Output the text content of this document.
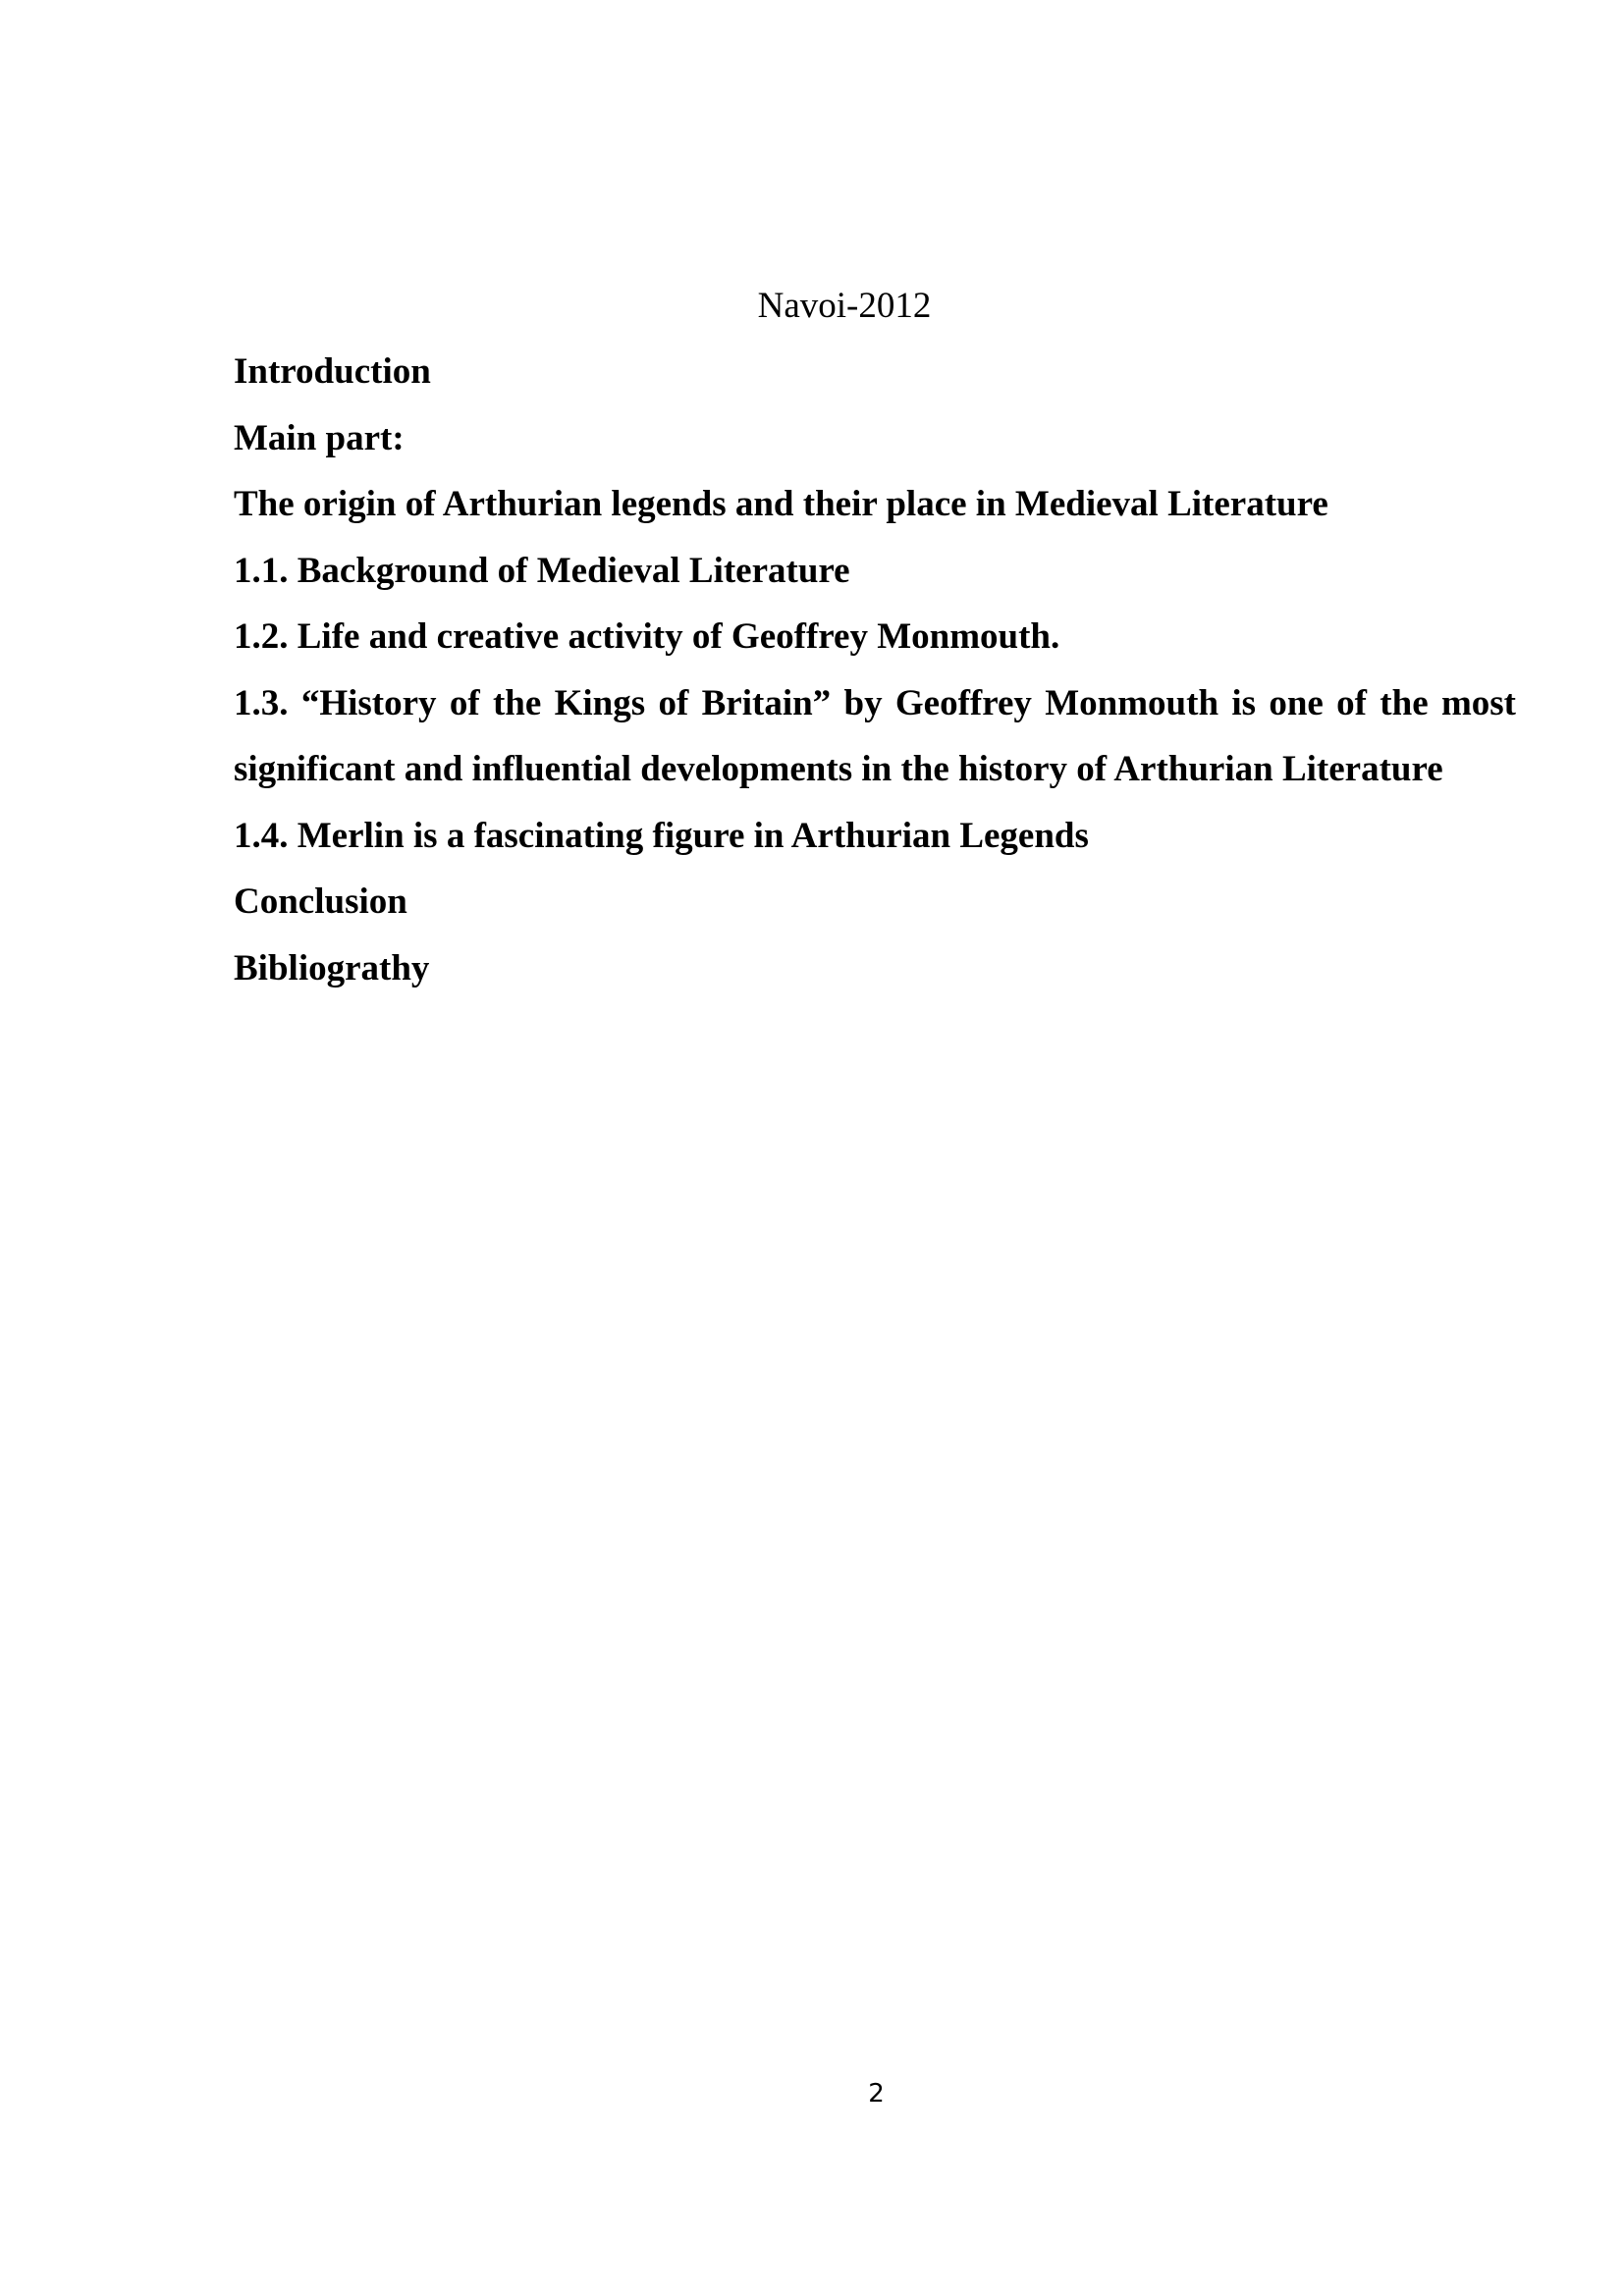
Navoi-2012

Introduction

Main part:

The origin of Arthurian legends and their place in Medieval Literature

1.1. Background of Medieval Literature

1.2. Life and creative activity of Geoffrey Monmouth.

1.3. “History of the Kings of Britain” by Geoffrey Monmouth is one of the most significant and influential developments in the history of Arthurian Literature

1.4. Merlin is a fascinating figure in Arthurian Legends

Conclusion

Bibliograthy

2
